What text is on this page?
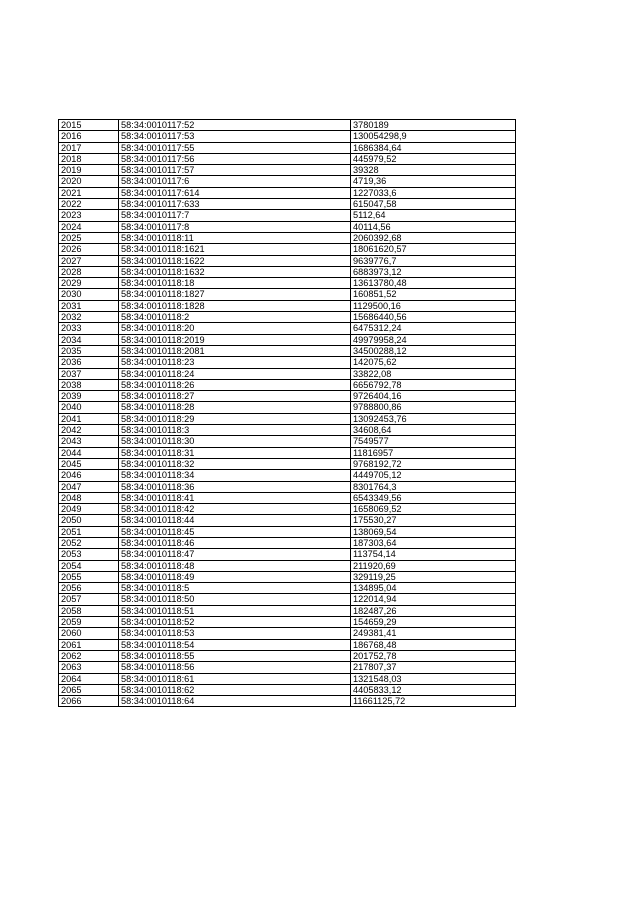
2015	58:34:0010117:52	3780189
2016	58:34:0010117:53	130054298,9
2017	58:34:0010117:55	1686384,64
2018	58:34:0010117:56	445979,52
2019	58:34:0010117:57	39328
2020	58:34:0010117:6	4719,36
2021	58:34:0010117:614	1227033,6
2022	58:34:0010117:633	615047,58
2023	58:34:0010117:7	5112,64
2024	58:34:0010117:8	40114,56
2025	58:34:0010118:11	2060392,68
2026	58:34:0010118:1621	18061620,57
2027	58:34:0010118:1622	9639776,7
2028	58:34:0010118:1632	6883973,12
2029	58:34:0010118:18	13613780,48
2030	58:34:0010118:1827	160851,52
2031	58:34:0010118:1828	1129500,16
2032	58:34:0010118:2	15686440,56
2033	58:34:0010118:20	6475312,24
2034	58:34:0010118:2019	49979958,24
2035	58:34:0010118:2081	34500288,12
2036	58:34:0010118:23	142075,62
2037	58:34:0010118:24	33822,08
2038	58:34:0010118:26	6656792,78
2039	58:34:0010118:27	9726404,16
2040	58:34:0010118:28	9788800,86
2041	58:34:0010118:29	13092453,76
2042	58:34:0010118:3	34608,64
2043	58:34:0010118:30	7549577
2044	58:34:0010118:31	11816957
2045	58:34:0010118:32	9768192,72
2046	58:34:0010118:34	4449705,12
2047	58:34:0010118:36	8301764,3
2048	58:34:0010118:41	6543349,56
2049	58:34:0010118:42	1658069,52
2050	58:34:0010118:44	175530,27
2051	58:34:0010118:45	138069,54
2052	58:34:0010118:46	187303,64
2053	58:34:0010118:47	113754,14
2054	58:34:0010118:48	211920,69
2055	58:34:0010118:49	329119,25
2056	58:34:0010118:5	134895,04
2057	58:34:0010118:50	122014,94
2058	58:34:0010118:51	182487,26
2059	58:34:0010118:52	154659,29
2060	58:34:0010118:53	249381,41
2061	58:34:0010118:54	186768,48
2062	58:34:0010118:55	201752,78
2063	58:34:0010118:56	217807,37
2064	58:34:0010118:61	1321548,03
2065	58:34:0010118:62	4405833,12
2066	58:34:0010118:64	11661125,72
